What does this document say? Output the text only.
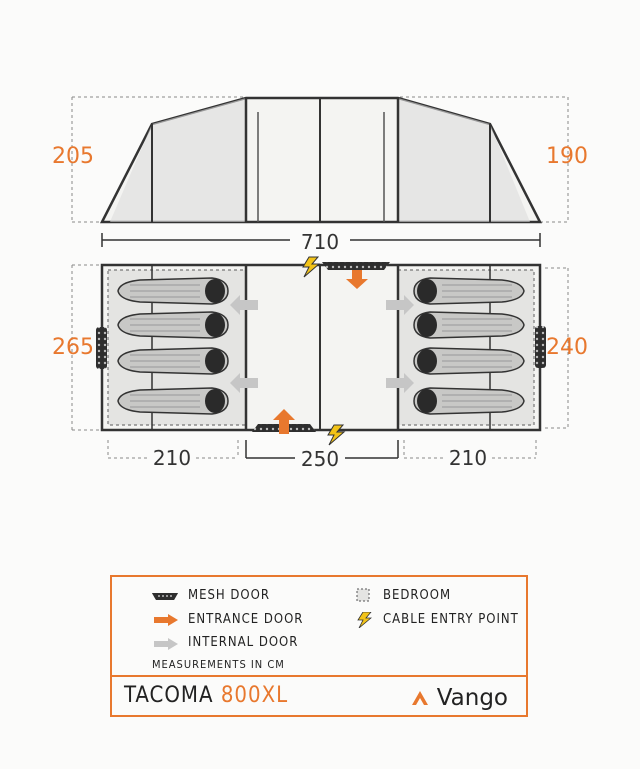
205	190
710
265	240
210	250	210
MESH DOOR
ENTRANCE DOOR
INTERNAL DOOR
MEASUREMENTS IN CM
BEDROOM
CABLE ENTRY POINT
TACOMA 800XL	Vango
